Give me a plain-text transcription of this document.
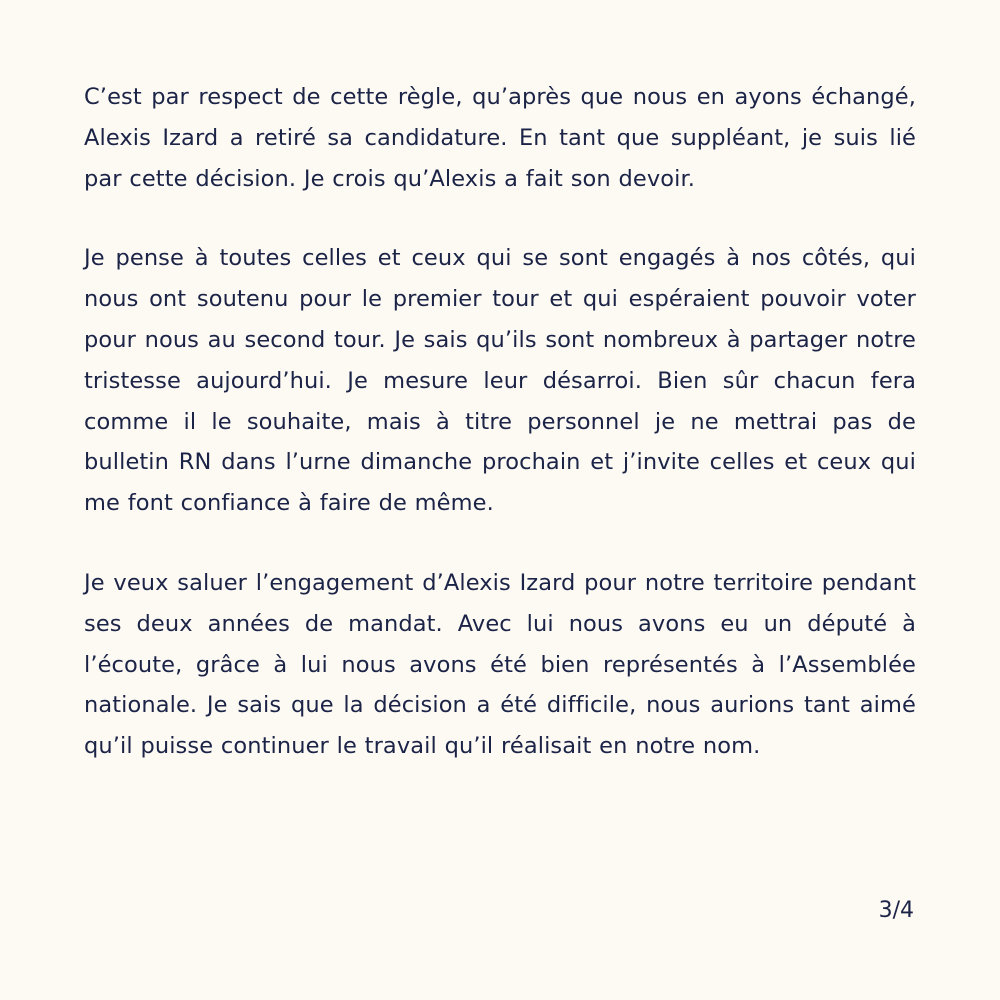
C’est par respect de cette règle, qu’après que nous en ayons échangé, Alexis Izard a retiré sa candidature. En tant que suppléant, je suis lié par cette décision. Je crois qu’Alexis a fait son devoir.

Je pense à toutes celles et ceux qui se sont engagés à nos côtés, qui nous ont soutenu pour le premier tour et qui espéraient pouvoir voter pour nous au second tour. Je sais qu’ils sont nombreux à partager notre tristesse aujourd’hui. Je mesure leur désarroi. Bien sûr chacun fera comme il le souhaite, mais à titre personnel je ne mettrai pas de bulletin RN dans l’urne dimanche prochain et j’invite celles et ceux qui me font confiance à faire de même.

Je veux saluer l’engagement d’Alexis Izard pour notre territoire pendant ses deux années de mandat. Avec lui nous avons eu un député à l’écoute, grâce à lui nous avons été bien représentés à l’Assemblée nationale. Je sais que la décision a été difficile, nous aurions tant aimé qu’il puisse continuer le travail qu’il réalisait en notre nom.

3/4
